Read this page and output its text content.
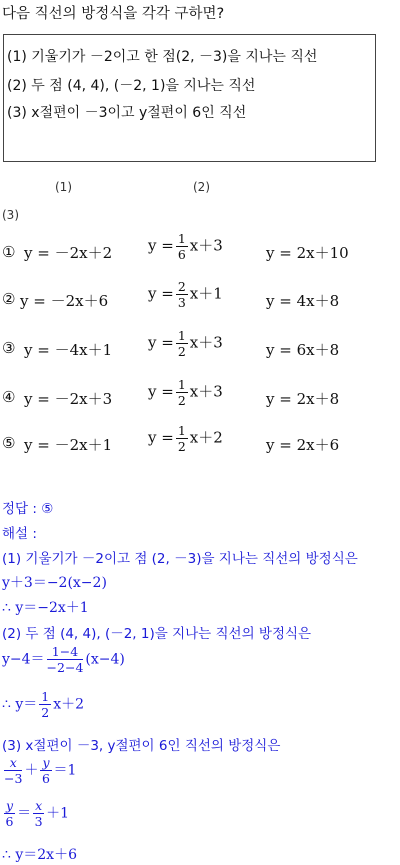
다음 직선의 방정식을 각각 구하면?
(1) 기울기가 －2이고 한 점(2, －3)을 지나는 직선
(2) 두 점 (4, 4), (－2, 1)을 지나는 직선
(3) x절편이 －3이고 y절편이 6인 직선
(1)	(2)
(3)
① y = －2x＋2 $y = \frac{1}{6} x+3$	y = 2x＋10
② y = －2x＋6	$y = \frac{2}{3} x+1$	y = 4x＋8
③ y = －4x＋1 $y = \frac{1}{2} x+3$	y = 6x＋8
④ y = －2x＋3 $y = \frac{1}{2} x+3$	y = 2x＋8
⑤ y = －2x＋1 $y = \frac{1}{2} x+2$	y = 2x＋6
정답 : ⑤
해설 :
(1) 기울기가 －2이고 점 (2, －3)을 지나는 직선의 방정식은
y＋3＝−2(x−2)
∴ y＝−2x＋1
(2) 두 점 (4, 4), (－2, 1)을 지나는 직선의 방정식은
$y-4= \frac{1-4}{-2-4} (x-4)$
∴ $y= \frac{1}{2} x+2$
(3) x절편이 －3, y절편이 6인 직선의 방정식은
$\frac{x}{-3} + \frac{y}{6} =1$
$\frac{y}{6} = \frac{x}{3} +1$
∴ y＝2x＋6
